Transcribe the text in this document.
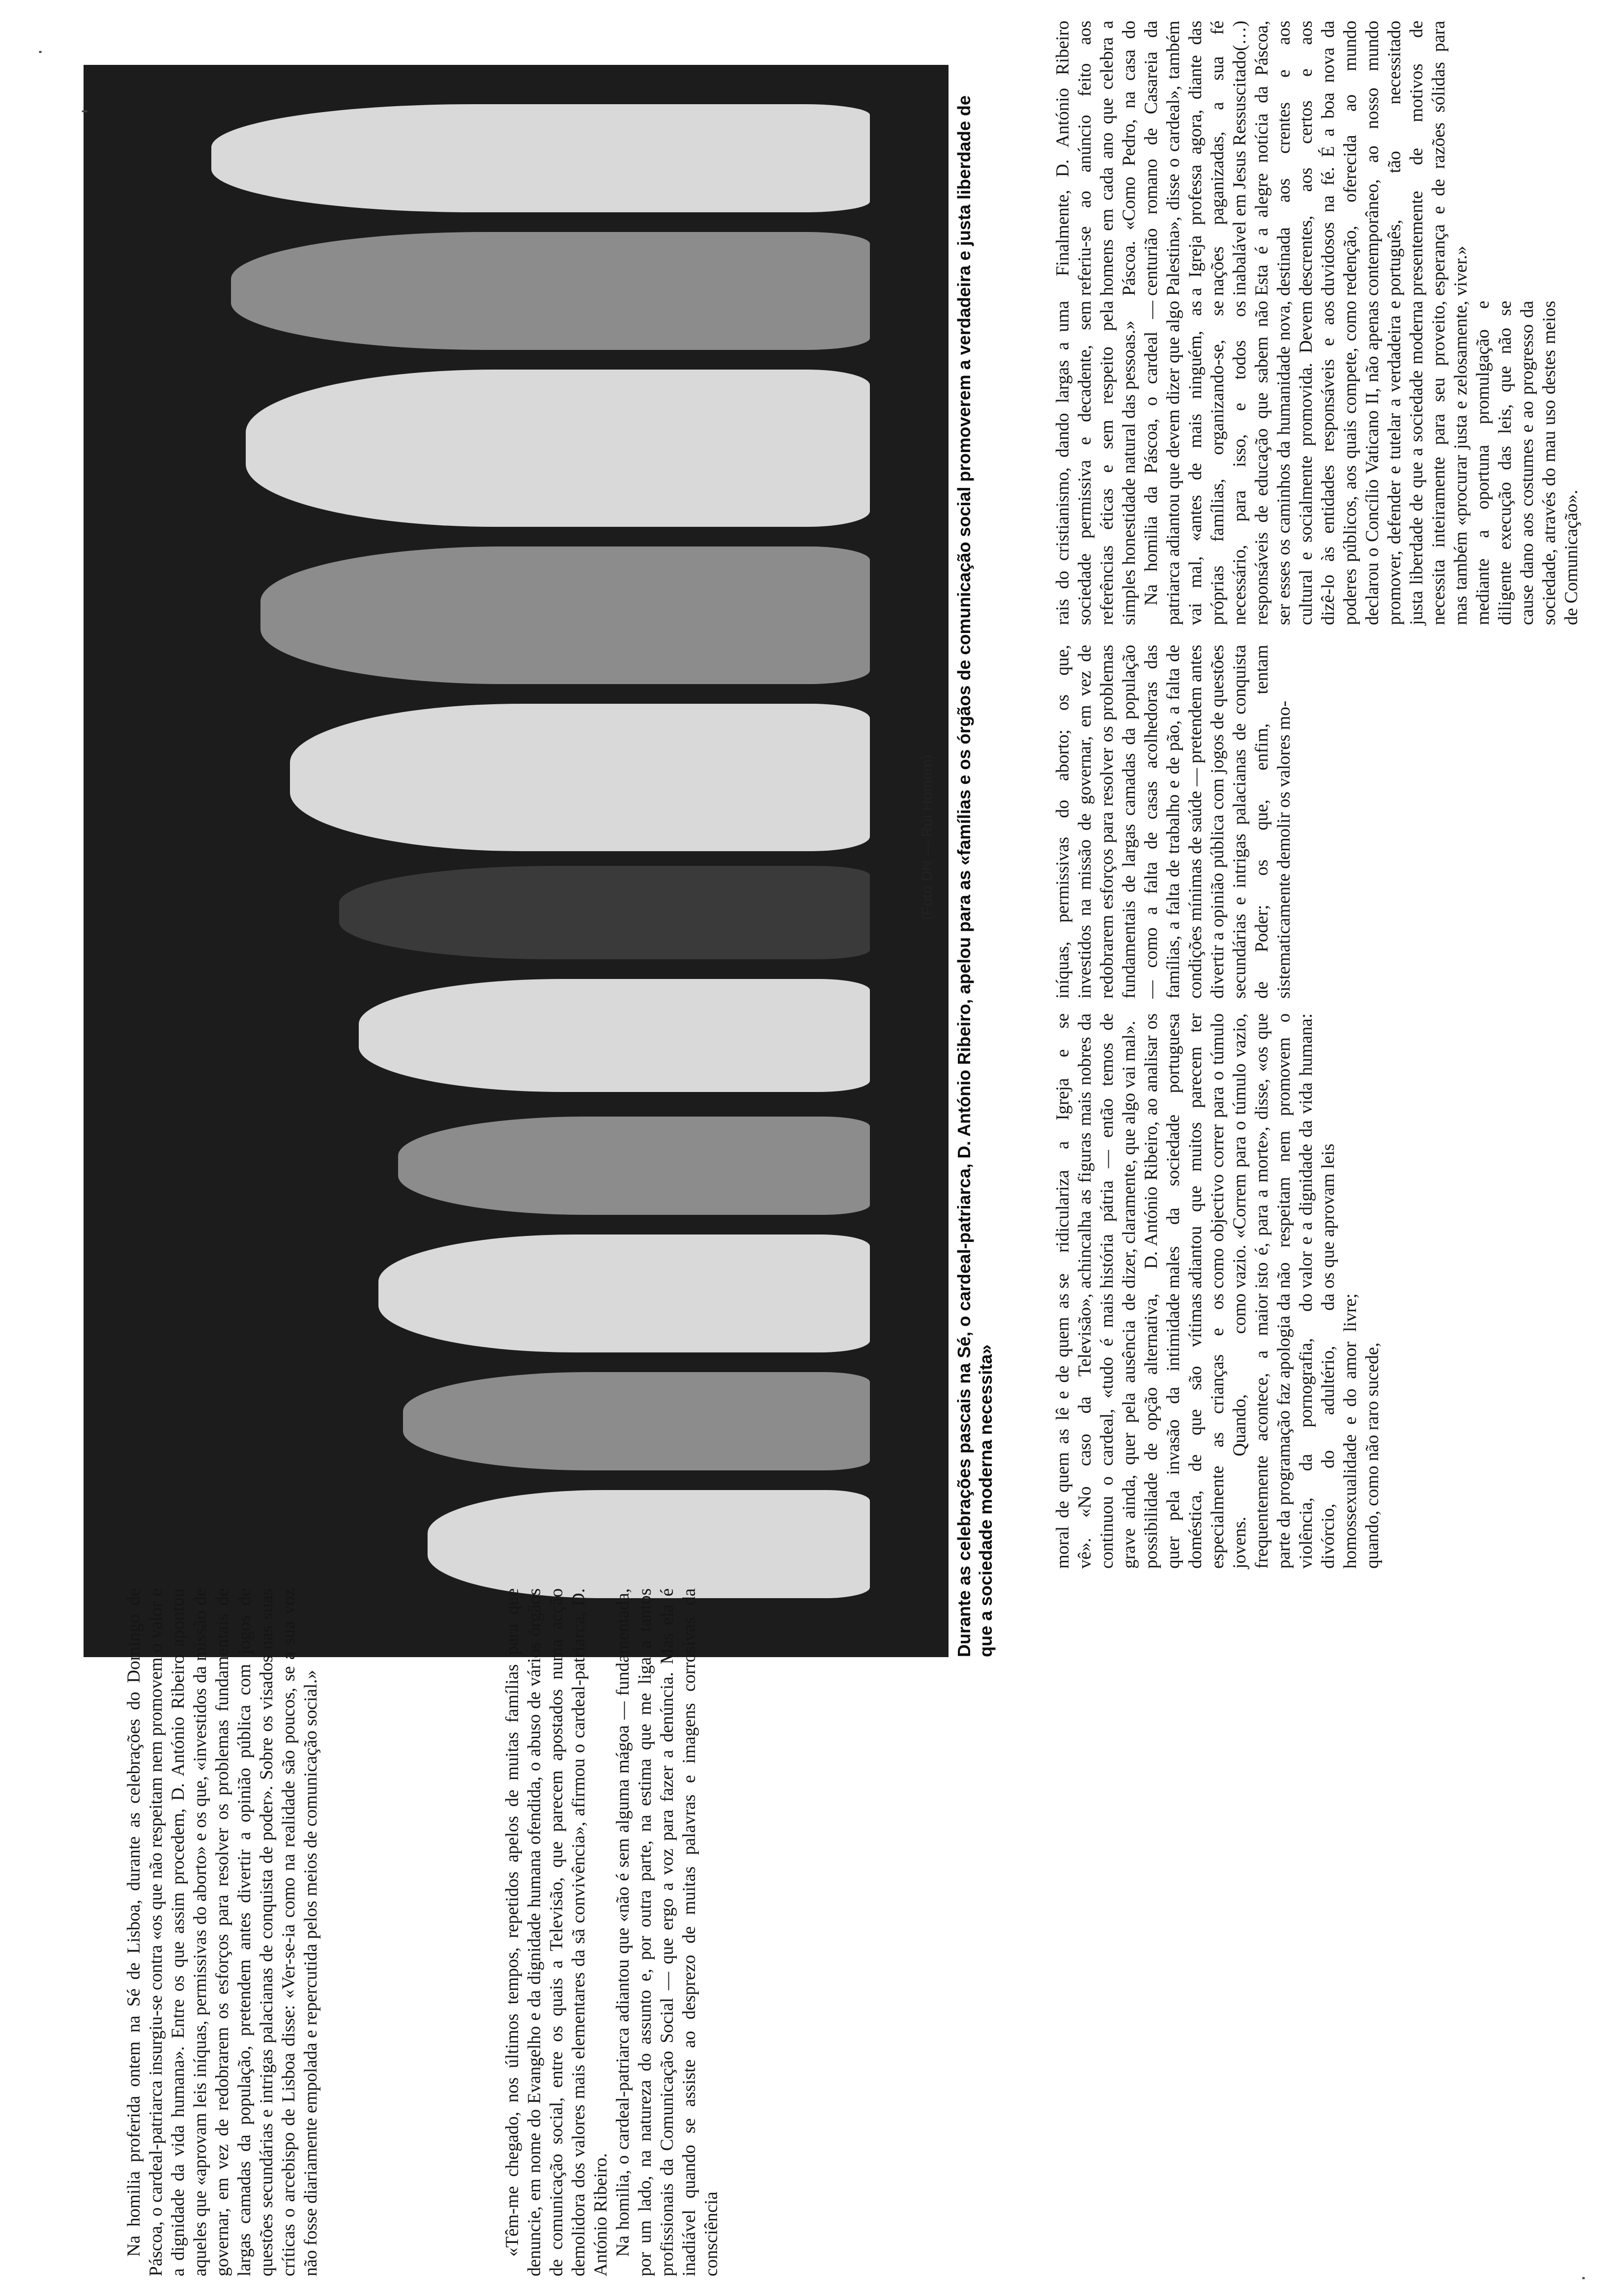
(Foto DN — Rui Homem) Durante as celebrações pascais na Sé, o cardeal-patriarca, D. António Ribeiro, apelou para as «famílias e os órgãos de comunicação social promoverem a verdadeira e justa liberdade de que a sociedade moderna necessita»

Na homilia proferida ontem na Sé de Lisboa, durante as celebrações do Domingo de Páscoa, o cardeal-patriarca insurgiu-se contra «os que não respeitam nem promovem o valor e a dignidade da vida humana». Entre os que assim procedem, D. António Ribeiro apontou aqueles que «aprovam leis iníquas, permissivas do aborto» e os que, «investidos da missão de governar, em vez de redobrarem os esforços para resolver os problemas fundamentais de largas camadas da população, pretendem antes divertir a opinião pública com jogos de questões secundárias e intrigas palacianas de conquista de poder». Sobre os visados nas suas críticas o arcebispo de Lisboa disse: «Ver-se-ia como na realidade são poucos, se a sua voz não fosse diariamente empolada e repercutida pelos meios de comunicação social.»	«Têm-me chegado, nos últimos tempos, repetidos apelos de muitas famílias para que denuncie, em nome do Evangelho e da dignidade humana ofendida, o abuso de vários órgãos de comunicação social, entre os quais a Televisão, que parecem apostados numa acção demolidora dos valores mais elementares da sã convivência», afirmou o cardeal-patriarca, D. António Ribeiro. Na homilia, o cardeal-patriarca adiantou que «não é sem alguma mágoa — fundamentada, por um lado, na natureza do assunto e, por outra parte, na estima que me liga a tantos profissionais da Comunicação Social — que ergo a voz para fazer a denúncia. Mas ela é inadiável quando se assiste ao desprezo de muitas palavras e imagens corrosivas da consciência

moral de quem as lê e de quem as vê». «No caso da Televisão», continuou o cardeal, «tudo é mais grave ainda, quer pela ausência de possibilidade de opção alternativa, quer pela invasão da intimidade doméstica, de que são vítimas especialmente as crianças e os jovens. Quando, como frequentemente acontece, a maior parte da programação faz apologia da violência, da pornografia, do divórcio, do adultério, da homossexualidade e do amor livre; quando, como não raro sucede,

se ridiculariza a Igreja e se achincalha as figuras mais nobres da história pátria — então temos de dizer, claramente, que algo vai mal». D. António Ribeiro, ao analisar os males da sociedade portuguesa adiantou que muitos parecem ter como objectivo correr para o túmulo vazio. «Correm para o túmulo vazio, isto é, para a morte», disse, «os que não respeitam nem promovem o valor e a dignidade da vida humana: os que aprovam leis

iníquas, permissivas do aborto; os que, investidos na missão de governar, em vez de redobrarem esforços para resolver os problemas fundamentais de largas camadas da população — como a falta de casas acolhedoras das famílias, a falta de trabalho e de pão, a falta de condições mínimas de saúde — pretendem antes divertir a opinião pública com jogos de questões secundárias e intrigas palacianas de conquista de Poder; os que, enfim, tentam sistematicamente demolir os valores mo-

rais do cristianismo, dando largas a uma sociedade permissiva e decadente, sem referências éticas e sem respeito pela simples honestidade natural das pessoas.» Na homilia da Páscoa, o cardeal — patriarca adiantou que devem dizer que algo vai mal, «antes de mais ninguém, as próprias famílias, organizando-se, se necessário, para isso, e todos os responsáveis de educação que sabem não ser esses os caminhos da humanidade nova, cultural e socialmente promovida. Devem dizê-lo às entidades responsáveis e aos poderes públicos, aos quais compete, como declarou o Concílio Vaticano II, não apenas promover, defender e tutelar a verdadeira e justa liberdade de que a sociedade moderna necessita inteiramente para seu proveito, mas também «procurar justa e zelosamente, mediante a oportuna promulgação e diligente execução das leis, que não se cause dano aos costumes e ao progresso da sociedade, através do mau uso destes meios de Comunicação».

Finalmente, D. António Ribeiro referiu-se ao anúncio feito aos homens em cada ano que celebra a Páscoa. «Como Pedro, na casa do centurião romano de Casareia da Palestina», disse o cardeal», também a Igreja professa agora, diante das nações paganizadas, a sua fé inabalável em Jesus Ressuscitado(…) Esta é a alegre notícia da Páscoa, destinada aos crentes e aos descrentes, aos certos e aos duvidosos na fé. É a boa nova da redenção, oferecida ao mundo contemporâneo, ao nosso mundo português, tão necessitado presentemente de motivos de esperança e de razões sólidas para viver.»

·
'
·
